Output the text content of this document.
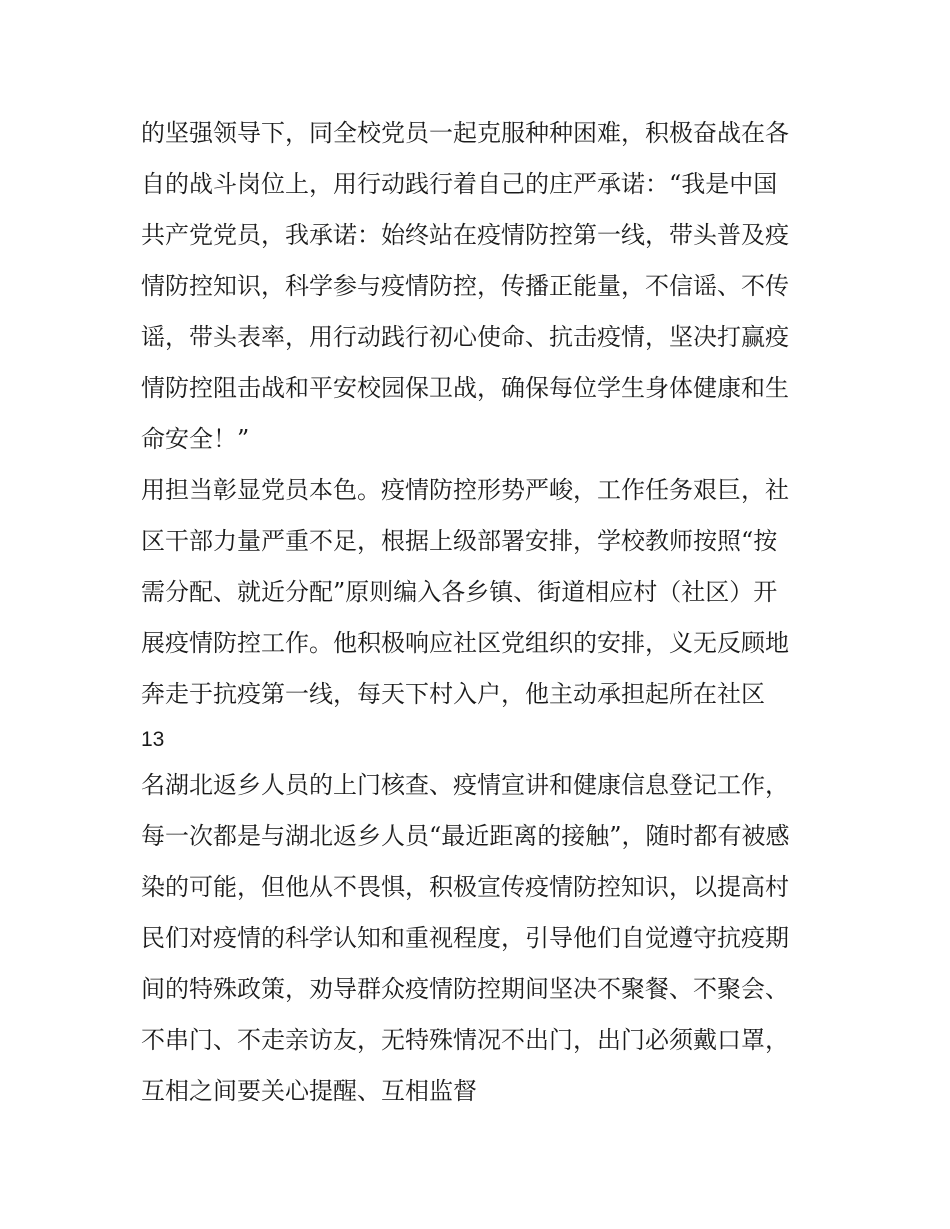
的坚强领导下，同全校党员一起克服种种困难，积极奋战在各
自的战斗岗位上，用行动践行着自己的庄严承诺：“我是中国
共产党党员，我承诺：始终站在疫情防控第一线，带头普及疫
情防控知识，科学参与疫情防控，传播正能量，不信谣、不传
谣，带头表率，用行动践行初心使命、抗击疫情，坚决打赢疫
情防控阻击战和平安校园保卫战，确保每位学生身体健康和生
命安全！”
用担当彰显党员本色。疫情防控形势严峻，工作任务艰巨，社
区干部力量严重不足，根据上级部署安排，学校教师按照“按
需分配、就近分配”原则编入各乡镇、街道相应村（社区）开
展疫情防控工作。他积极响应社区党组织的安排，义无反顾地
奔走于抗疫第一线，每天下村入户，他主动承担起所在社区
13
名湖北返乡人员的上门核查、疫情宣讲和健康信息登记工作，
每一次都是与湖北返乡人员“最近距离的接触”，随时都有被感
染的可能，但他从不畏惧，积极宣传疫情防控知识，以提高村
民们对疫情的科学认知和重视程度，引导他们自觉遵守抗疫期
间的特殊政策，劝导群众疫情防控期间坚决不聚餐、不聚会、
不串门、不走亲访友，无特殊情况不出门，出门必须戴口罩，
互相之间要关心提醒、互相监督
